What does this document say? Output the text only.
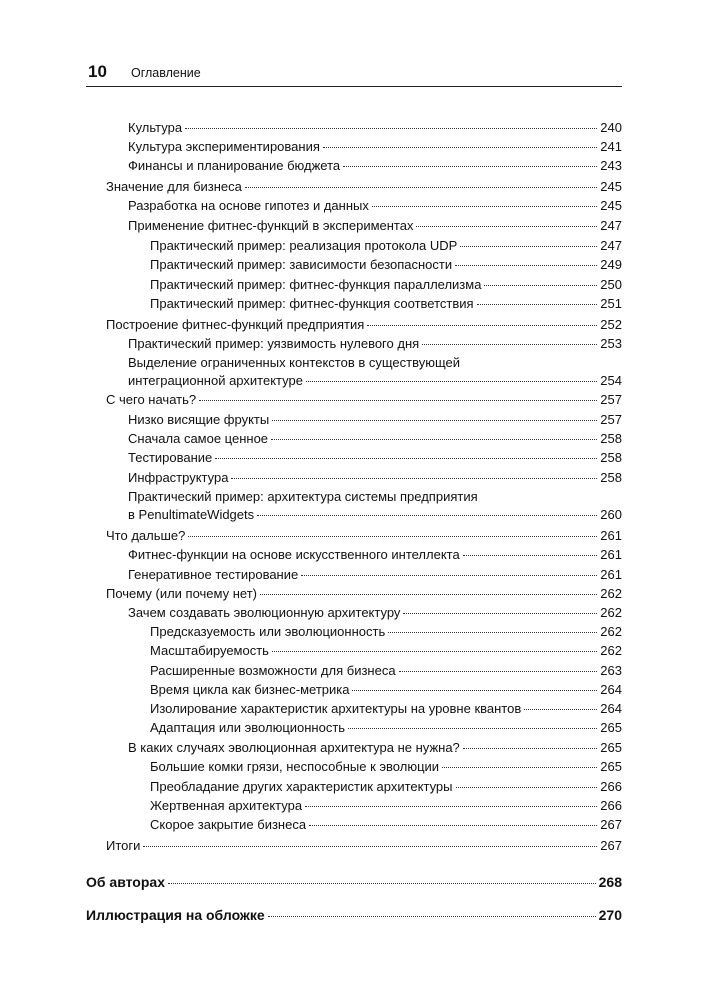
10 Оглавление
Культура	240
Культура экспериментирования	241
Финансы и планирование бюджета	243
Значение для бизнеса	245
Разработка на основе гипотез и данных	245
Применение фитнес-функций в экспериментах	247
Практический пример: реализация протокола UDP	247
Практический пример: зависимости безопасности	249
Практический пример: фитнес-функция параллелизма	250
Практический пример: фитнес-функция соответствия	251
Построение фитнес-функций предприятия	252
Практический пример: уязвимость нулевого дня	253
Выделение ограниченных контекстов в существующей
интеграционной архитектуре	254
С чего начать?	257
Низко висящие фрукты	257
Сначала самое ценное	258
Тестирование	258
Инфраструктура	258
Практический пример: архитектура системы предприятия
в PenultimateWidgets	260
Что дальше?	261
Фитнес-функции на основе искусственного интеллекта	261
Генеративное тестирование	261
Почему (или почему нет)	262
Зачем создавать эволюционную архитектуру	262
Предсказуемость или эволюционность	262
Масштабируемость	262
Расширенные возможности для бизнеса	263
Время цикла как бизнес-метрика	264
Изолирование характеристик архитектуры на уровне квантов	264
Адаптация или эволюционность	265
В каких случаях эволюционная архитектура не нужна?	265
Большие комки грязи, неспособные к эволюции	265
Преобладание других характеристик архитектуры	266
Жертвенная архитектура	266
Скорое закрытие бизнеса	267
Итоги	267
Об авторах	268
Иллюстрация на обложке	270
